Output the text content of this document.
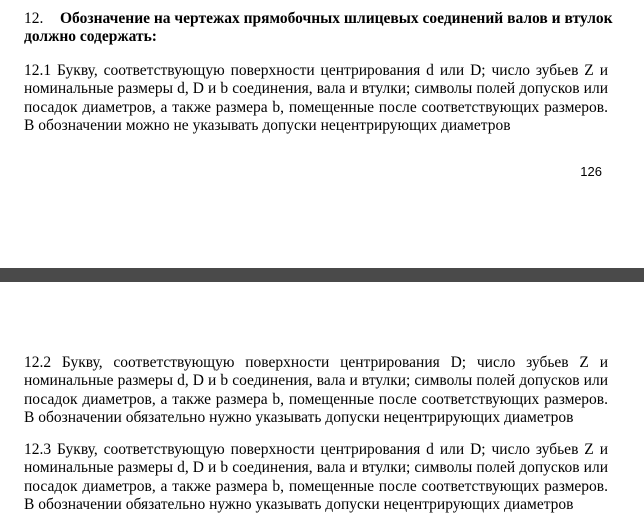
12. Обозначение на чертежах прямобочных шлицевых соединений валов и втулок должно содержать:
12.1 Букву, соответствующую поверхности центрирования d или D; число зубьев Z и номинальные размеры d, D и b соединения, вала и втулки; символы полей допусков или посадок диаметров, а также размера b, помещенные после соответствующих размеров. В обозначении можно не указывать допуски нецентрирующих диаметров
126
12.2 Букву, соответствующую поверхности центрирования D; число зубьев Z и номинальные размеры d, D и b соединения, вала и втулки; символы полей допусков или посадок диаметров, а также размера b, помещенные после соответствующих размеров. В обозначении обязательно нужно указывать допуски нецентрирующих диаметров
12.3 Букву, соответствующую поверхности центрирования d или D; число зубьев Z и номинальные размеры d, D и b соединения, вала и втулки; символы полей допусков или посадок диаметров, а также размера b, помещенные после соответствующих размеров. В обозначении обязательно нужно указывать допуски нецентрирующих диаметров
